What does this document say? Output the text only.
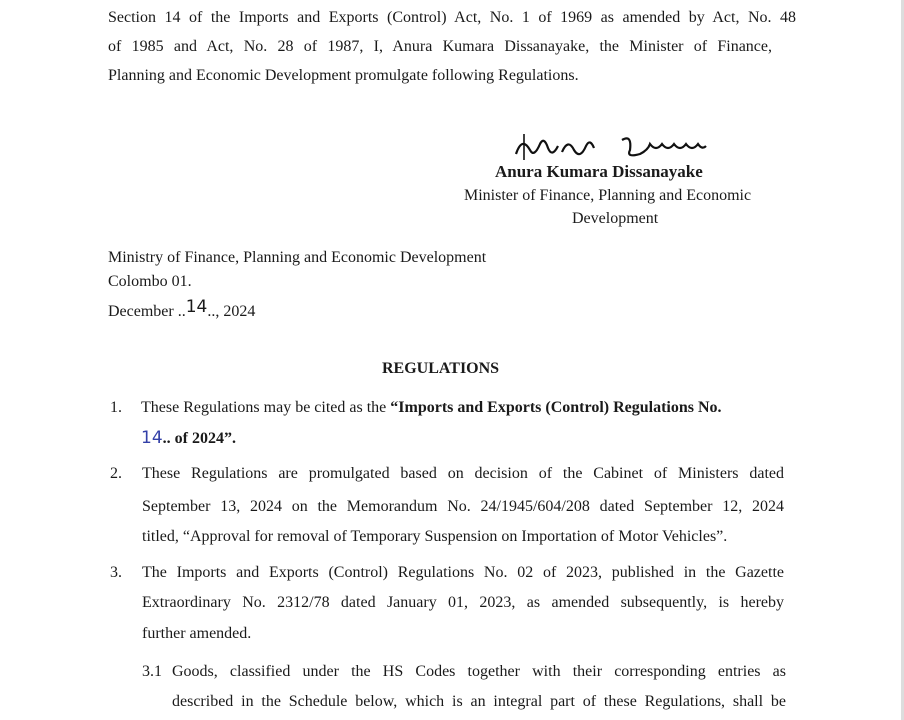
Section 14 of the Imports and Exports (Control) Act, No. 1 of 1969 as amended by Act, No. 48
of 1985 and Act, No. 28 of 1987, I, Anura Kumara Dissanayake, the Minister of Finance,
Planning and Economic Development promulgate following Regulations.
Anura Kumara Dissanayake
Minister of Finance, Planning and Economic
Development
Ministry of Finance, Planning and Economic Development
Colombo 01.
December ..14.., 2024
REGULATIONS
1. These Regulations may be cited as the “Imports and Exports (Control) Regulations No.
14.. of 2024”.
2. These Regulations are promulgated based on decision of the Cabinet of Ministers dated
September 13, 2024 on the Memorandum No. 24/1945/604/208 dated September 12, 2024
titled, “Approval for removal of Temporary Suspension on Importation of Motor Vehicles”.
3. The Imports and Exports (Control) Regulations No. 02 of 2023, published in the Gazette
Extraordinary No. 2312/78 dated January 01, 2023, as amended subsequently, is hereby
further amended.
3.1 Goods, classified under the HS Codes together with their corresponding entries as
described in the Schedule below, which is an integral part of these Regulations, shall be
